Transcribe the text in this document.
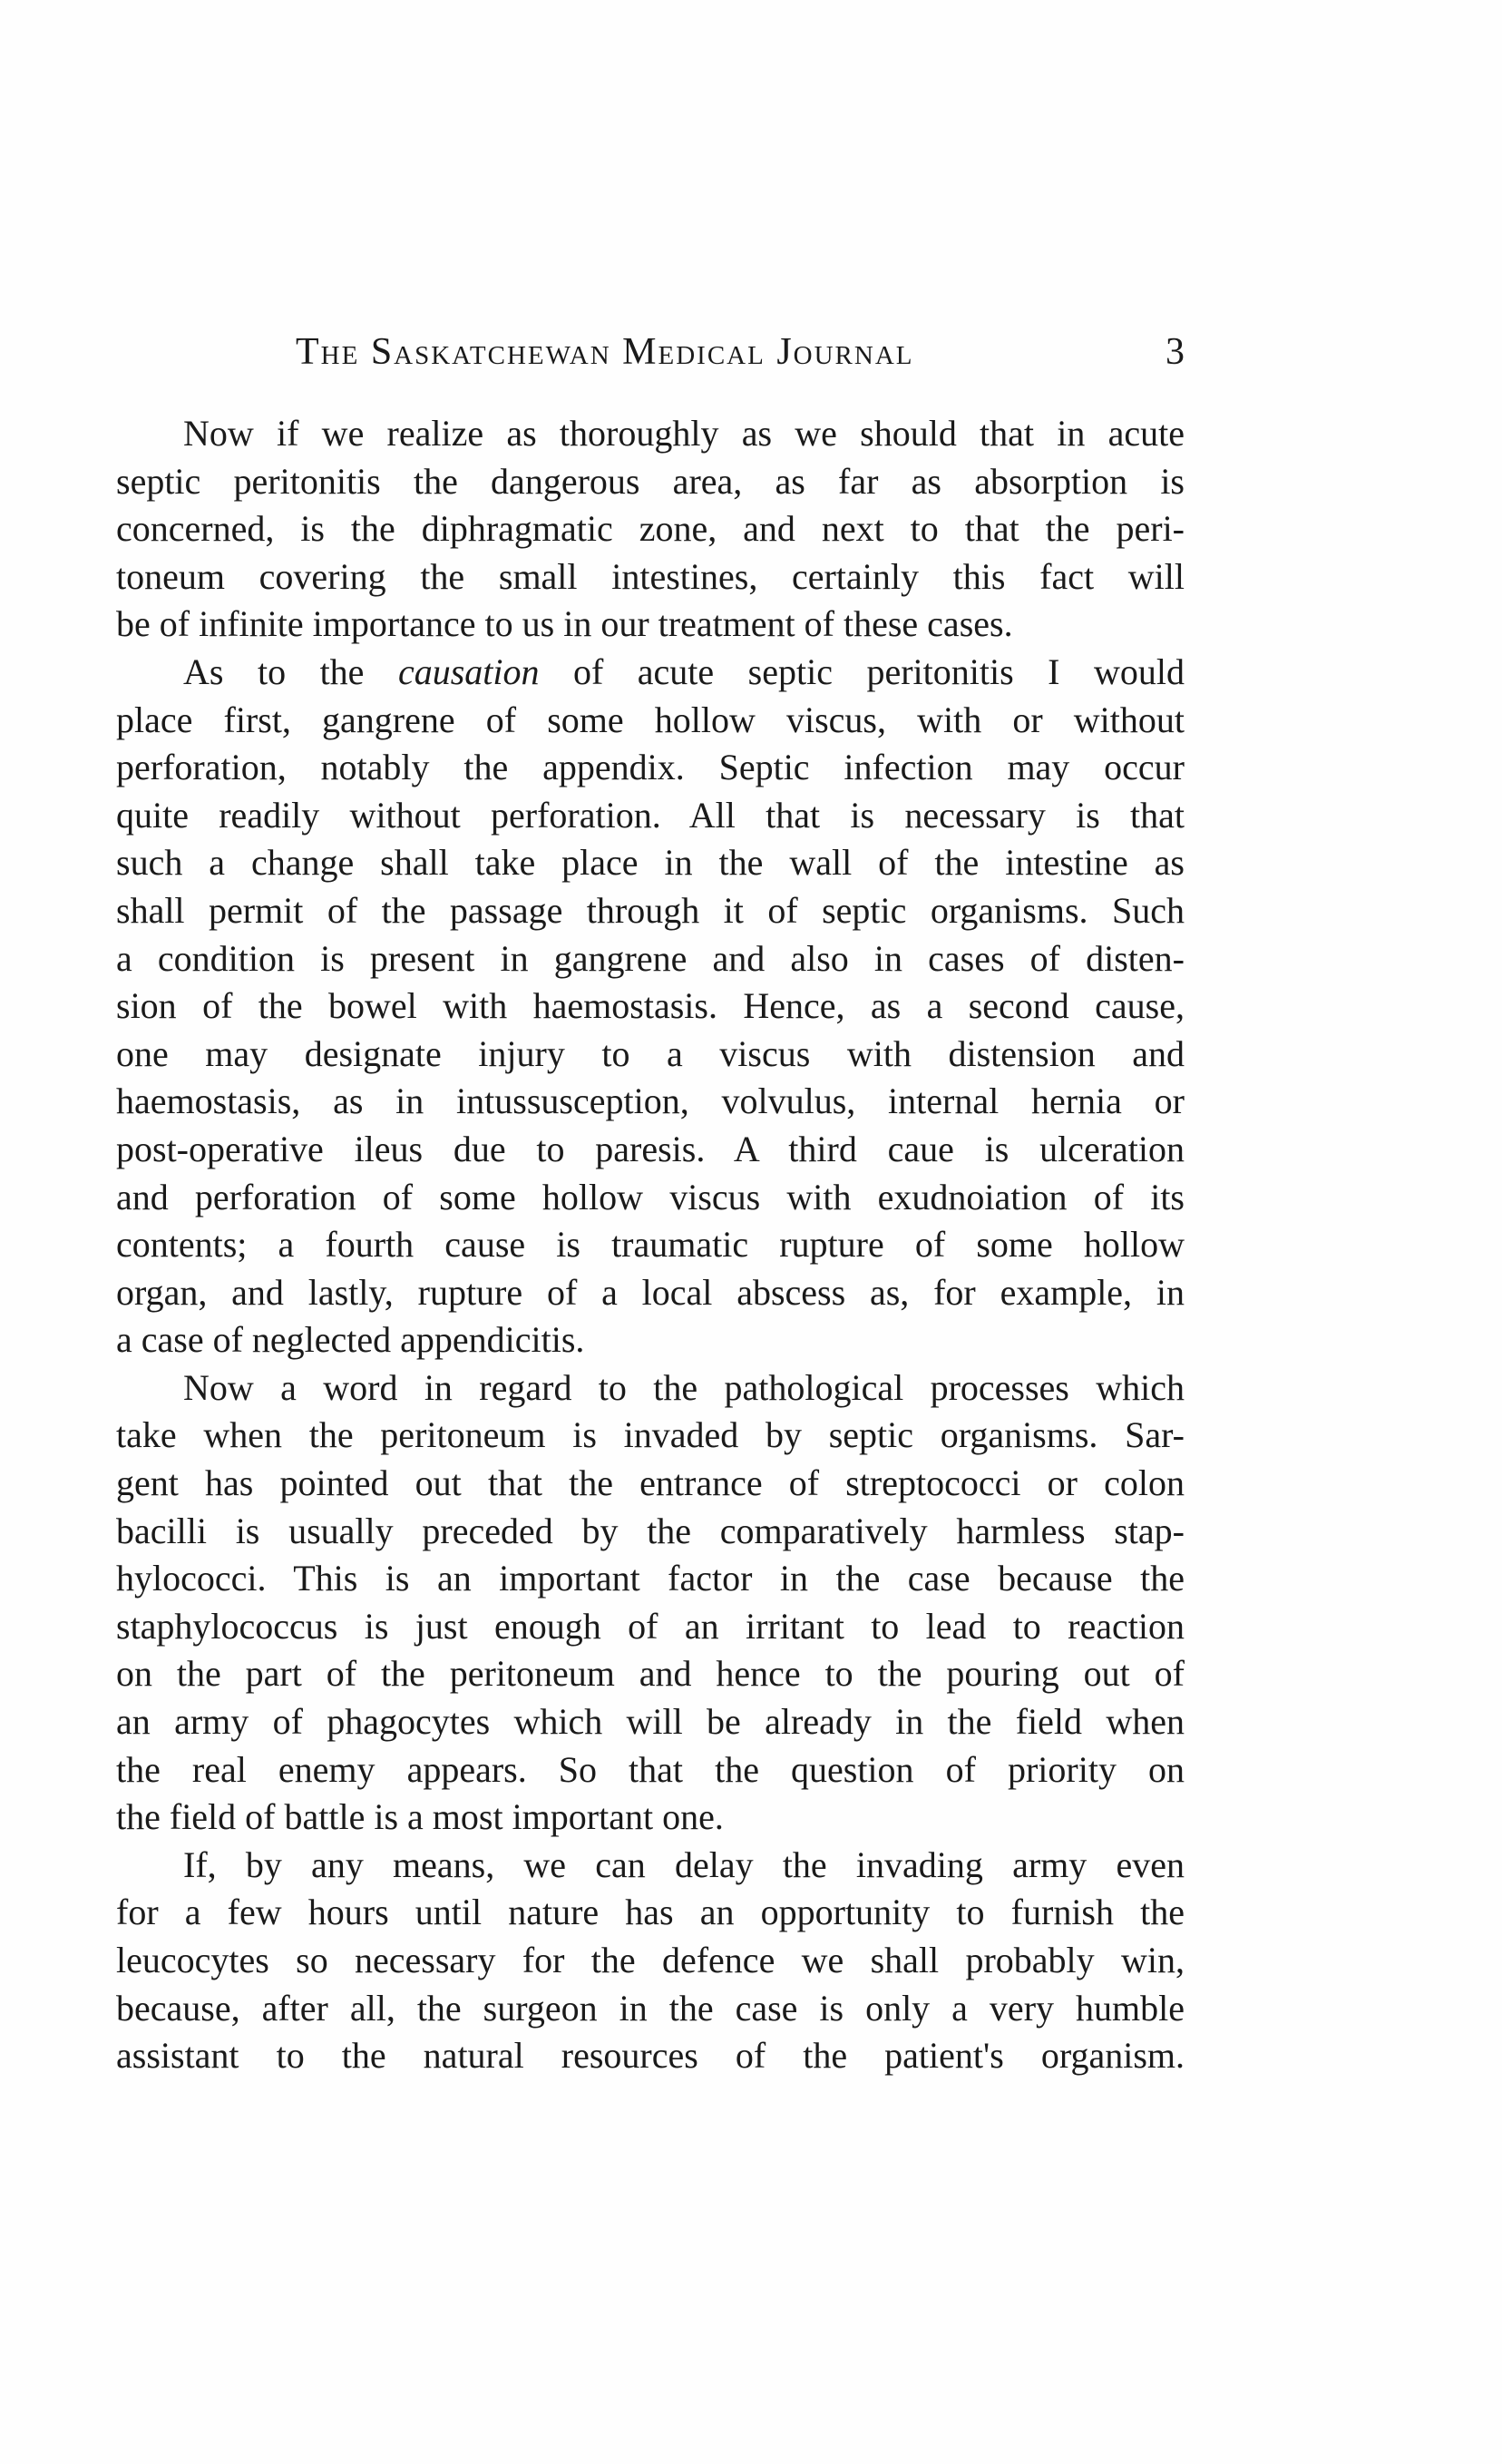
The Saskatchewan Medical Journal	3
Now if we realize as thoroughly as we should that in acute
septic peritonitis the dangerous area, as far as absorption is
concerned, is the diphragmatic zone, and next to that the peri-
toneum covering the small intestines, certainly this fact will
be of infinite importance to us in our treatment of these cases.
As to the causation of acute septic peritonitis I would
place first, gangrene of some hollow viscus, with or without
perforation, notably the appendix. Septic infection may occur
quite readily without perforation. All that is necessary is that
such a change shall take place in the wall of the intestine as
shall permit of the passage through it of septic organisms. Such
a condition is present in gangrene and also in cases of disten-
sion of the bowel with haemostasis. Hence, as a second cause,
one may designate injury to a viscus with distension and
haemostasis, as in intussusception, volvulus, internal hernia or
post-operative ileus due to paresis. A third caue is ulceration
and perforation of some hollow viscus with exudnoiation of its
contents; a fourth cause is traumatic rupture of some hollow
organ, and lastly, rupture of a local abscess as, for example, in
a case of neglected appendicitis.
Now a word in regard to the pathological processes which
take when the peritoneum is invaded by septic organisms. Sar-
gent has pointed out that the entrance of streptococci or colon
bacilli is usually preceded by the comparatively harmless stap-
hylococci. This is an important factor in the case because the
staphylococcus is just enough of an irritant to lead to reaction
on the part of the peritoneum and hence to the pouring out of
an army of phagocytes which will be already in the field when
the real enemy appears. So that the question of priority on
the field of battle is a most important one.
If, by any means, we can delay the invading army even
for a few hours until nature has an opportunity to furnish the
leucocytes so necessary for the defence we shall probably win,
because, after all, the surgeon in the case is only a very humble
assistant to the natural resources of the patient's organism.
